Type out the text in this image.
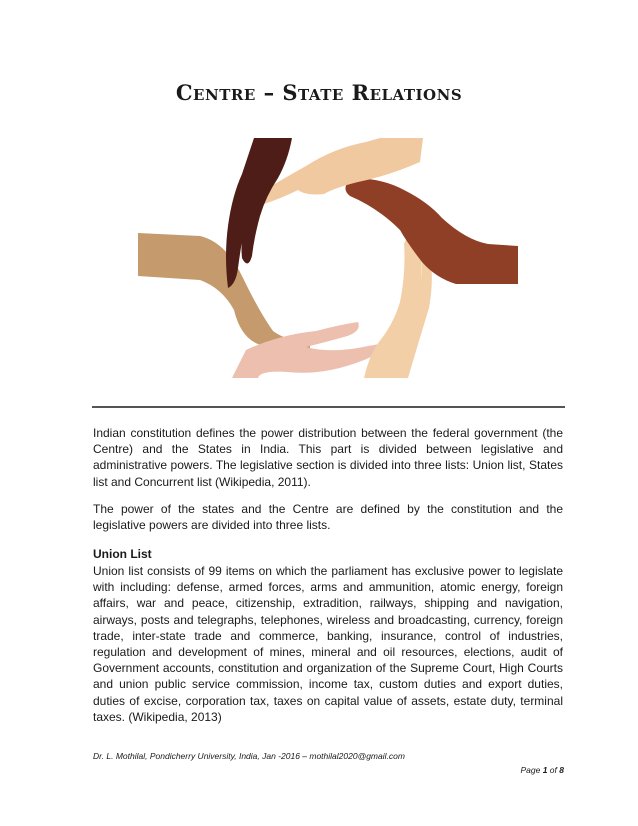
Centre – State Relations

Indian constitution defines the power distribution between the federal government (the Centre) and the States in India. This part is divided between legislative and administrative powers. The legislative section is divided into three lists: Union list, States list and Concurrent list (Wikipedia, 2011).

The power of the states and the Centre are defined by the constitution and the legislative powers are divided into three lists.

Union List

Union list consists of 99 items on which the parliament has exclusive power to legislate with including: defense, armed forces, arms and ammunition, atomic energy, foreign affairs, war and peace, citizenship, extradition, railways, shipping and navigation, airways, posts and telegraphs, telephones, wireless and broadcasting, currency, foreign trade, inter-state trade and commerce, banking, insurance, control of industries, regulation and development of mines, mineral and oil resources, elections, audit of Government accounts, constitution and organization of the Supreme Court, High Courts and union public service commission, income tax, custom duties and export duties, duties of excise, corporation tax, taxes on capital value of assets, estate duty, terminal taxes. (Wikipedia, 2013)

Dr. L. Mothilal, Pondicherry University, India, Jan -2016 – mothilal2020@gmail.com

Page 1 of 8
